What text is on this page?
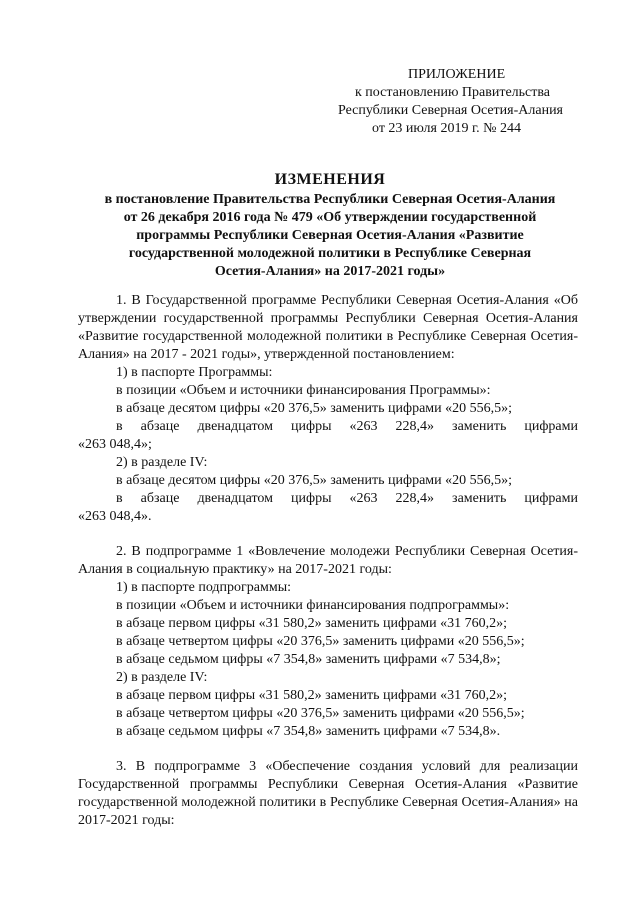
ПРИЛОЖЕНИЕ
к постановлению Правительства
Республики Северная Осетия-Алания
от 23 июля 2019 г. № 244
ИЗМЕНЕНИЯ
в постановление Правительства Республики Северная Осетия-Алания
от 26 декабря 2016 года № 479 «Об утверждении государственной
программы Республики Северная Осетия-Алания «Развитие
государственной молодежной политики в Республике Северная
Осетия-Алания» на 2017-2021 годы»

1. В Государственной программе Республики Северная Осетия-Алания «Об утверждении государственной программы Республики Северная Осетия-Алания «Развитие государственной молодежной политики в Республике Северная Осетия-Алания» на 2017 - 2021 годы», утвержденной постановлением:

1) в паспорте Программы:

в позиции «Объем и источники финансирования Программы»:

в абзаце десятом цифры «20 376,5» заменить цифрами «20 556,5»;

в абзаце двенадцатом цифры «263 228,4» заменить цифрами

«263 048,4»;

2) в разделе IV:

в абзаце десятом цифры «20 376,5» заменить цифрами «20 556,5»;

в абзаце двенадцатом цифры «263 228,4» заменить цифрами

«263 048,4».

2. В подпрограмме 1 «Вовлечение молодежи Республики Северная Осетия-Алания в социальную практику» на 2017-2021 годы:

1) в паспорте подпрограммы:

в позиции «Объем и источники финансирования подпрограммы»:

в абзаце первом цифры «31 580,2» заменить цифрами «31 760,2»;

в абзаце четвертом цифры «20 376,5» заменить цифрами «20 556,5»;

в абзаце седьмом цифры «7 354,8» заменить цифрами «7 534,8»;

2) в разделе IV:

в абзаце первом цифры «31 580,2» заменить цифрами «31 760,2»;

в абзаце четвертом цифры «20 376,5» заменить цифрами «20 556,5»;

в абзаце седьмом цифры «7 354,8» заменить цифрами «7 534,8».

3. В подпрограмме 3 «Обеспечение создания условий для реализации Государственной программы Республики Северная Осетия-Алания «Развитие государственной молодежной политики в Республике Северная Осетия-Алания» на 2017-2021 годы:
